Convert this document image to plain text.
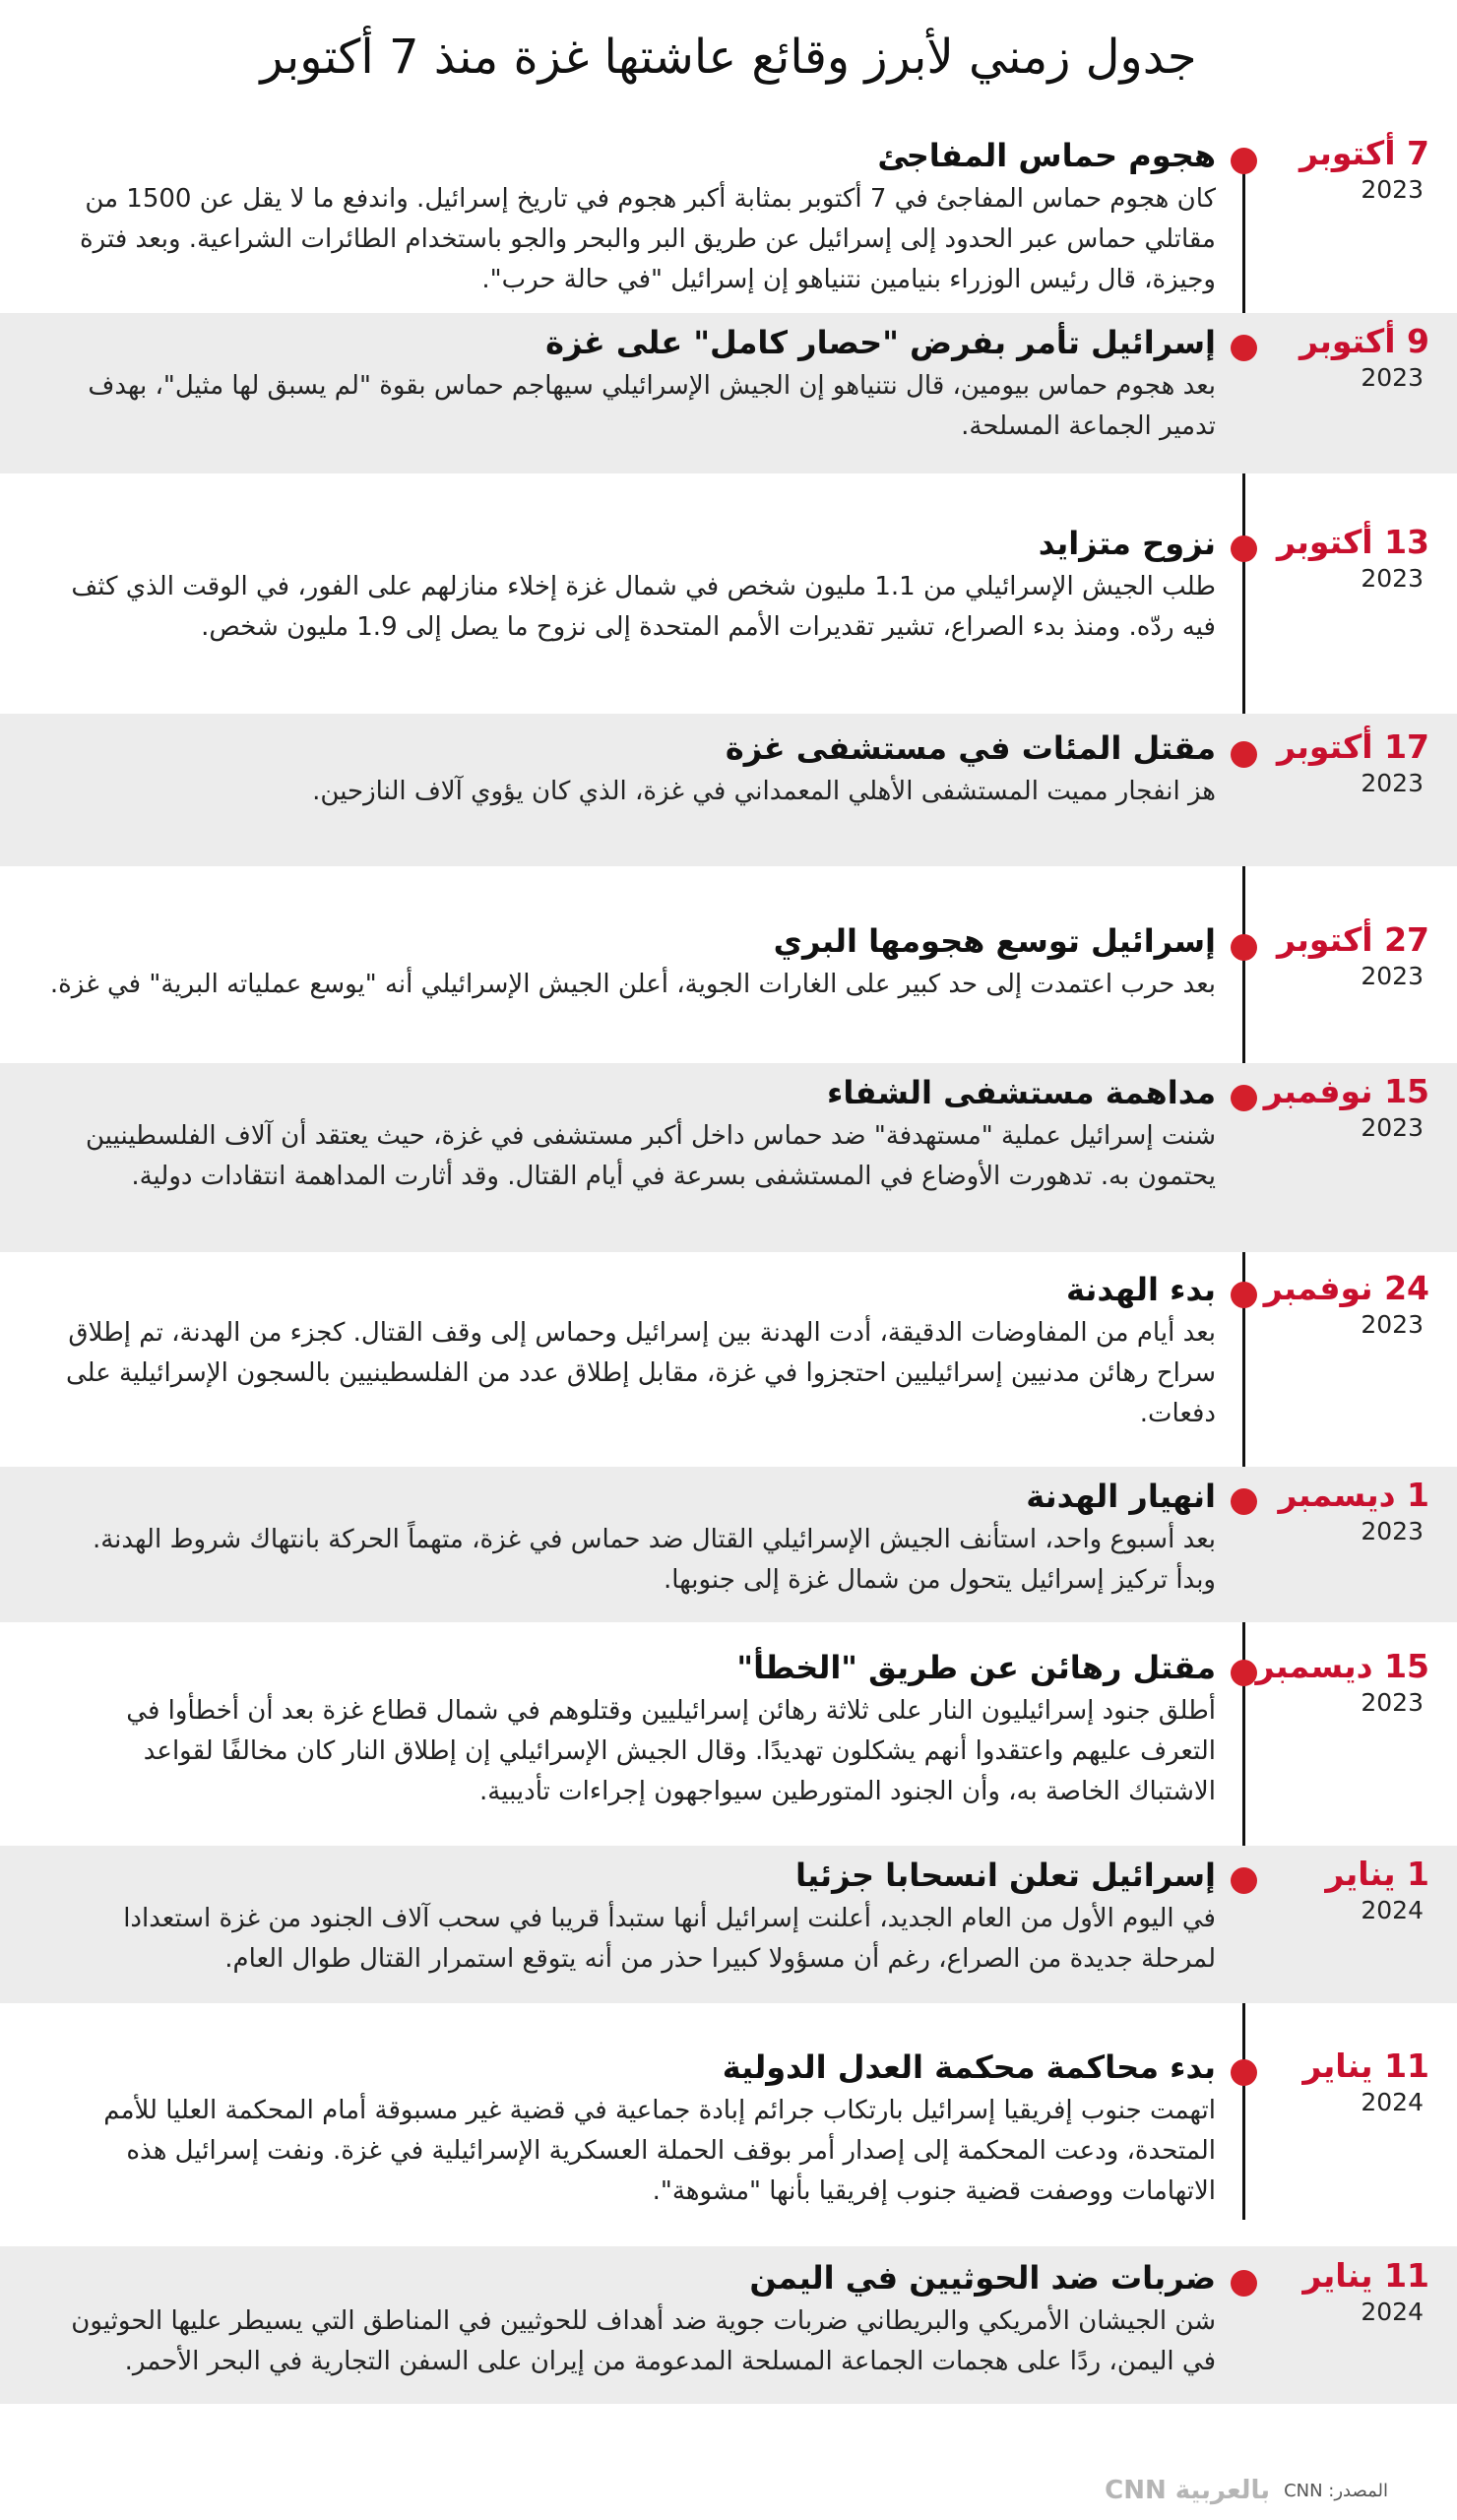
جدول زمني لأبرز وقائع عاشتها غزة منذ 7 أكتوبر
7 أكتوبر
2023
هجوم حماس المفاجئ
كان هجوم حماس المفاجئ في 7 أكتوبر بمثابة أكبر هجوم في تاريخ إسرائيل. واندفع ما لا يقل عن 1500 من مقاتلي حماس عبر الحدود إلى إسرائيل عن طريق البر والبحر والجو باستخدام الطائرات الشراعية. وبعد فترة وجيزة، قال رئيس الوزراء بنيامين نتنياهو إن إسرائيل "في حالة حرب".
9 أكتوبر
2023
إسرائيل تأمر بفرض "حصار كامل" على غزة
بعد هجوم حماس بيومين، قال نتنياهو إن الجيش الإسرائيلي سيهاجم حماس بقوة "لم يسبق لها مثيل"، بهدف تدمير الجماعة المسلحة.
13 أكتوبر
2023
نزوح متزايد
طلب الجيش الإسرائيلي من 1.1 مليون شخص في شمال غزة إخلاء منازلهم على الفور، في الوقت الذي كثف فيه ردّه. ومنذ بدء الصراع، تشير تقديرات الأمم المتحدة إلى نزوح ما يصل إلى 1.9 مليون شخص.
17 أكتوبر
2023
مقتل المئات في مستشفى غزة
هز انفجار مميت المستشفى الأهلي المعمداني في غزة، الذي كان يؤوي آلاف النازحين.
27 أكتوبر
2023
إسرائيل توسع هجومها البري
بعد حرب اعتمدت إلى حد كبير على الغارات الجوية، أعلن الجيش الإسرائيلي أنه "يوسع عملياته البرية" في غزة.
15 نوفمبر
2023
مداهمة مستشفى الشفاء
شنت إسرائيل عملية "مستهدفة" ضد حماس داخل أكبر مستشفى في غزة، حيث يعتقد أن آلاف الفلسطينيين يحتمون به. تدهورت الأوضاع في المستشفى بسرعة في أيام القتال. وقد أثارت المداهمة انتقادات دولية.
24 نوفمبر
2023
بدء الهدنة
بعد أيام من المفاوضات الدقيقة، أدت الهدنة بين إسرائيل وحماس إلى وقف القتال. كجزء من الهدنة، تم إطلاق سراح رهائن مدنيين إسرائيليين احتجزوا في غزة، مقابل إطلاق عدد من الفلسطينيين بالسجون الإسرائيلية على دفعات.
1 ديسمبر
2023
انهيار الهدنة
بعد أسبوع واحد، استأنف الجيش الإسرائيلي القتال ضد حماس في غزة، متهماً الحركة بانتهاك شروط الهدنة. وبدأ تركيز إسرائيل يتحول من شمال غزة إلى جنوبها.
15 ديسمبر
2023
مقتل رهائن عن طريق "الخطأ"
أطلق جنود إسرائيليون النار على ثلاثة رهائن إسرائيليين وقتلوهم في شمال قطاع غزة بعد أن أخطأوا في التعرف عليهم واعتقدوا أنهم يشكلون تهديدًا. وقال الجيش الإسرائيلي إن إطلاق النار كان مخالفًا لقواعد الاشتباك الخاصة به، وأن الجنود المتورطين سيواجهون إجراءات تأديبية.
1 يناير
2024
إسرائيل تعلن انسحابا جزئيا
في اليوم الأول من العام الجديد، أعلنت إسرائيل أنها ستبدأ قريبا في سحب آلاف الجنود من غزة استعدادا لمرحلة جديدة من الصراع، رغم أن مسؤولا كبيرا حذر من أنه يتوقع استمرار القتال طوال العام.
11 يناير
2024
بدء محاكمة محكمة العدل الدولية
اتهمت جنوب إفريقيا إسرائيل بارتكاب جرائم إبادة جماعية في قضية غير مسبوقة أمام المحكمة العليا للأمم المتحدة، ودعت المحكمة إلى إصدار أمر بوقف الحملة العسكرية الإسرائيلية في غزة. ونفت إسرائيل هذه الاتهامات ووصفت قضية جنوب إفريقيا بأنها "مشوهة".
11 يناير
2024
ضربات ضد الحوثيين في اليمن
شن الجيشان الأمريكي والبريطاني ضربات جوية ضد أهداف للحوثيين في المناطق التي يسيطر عليها الحوثيون في اليمن، ردًا على هجمات الجماعة المسلحة المدعومة من إيران على السفن التجارية في البحر الأحمر.
المصدر: CNN
بالعربية CNN
